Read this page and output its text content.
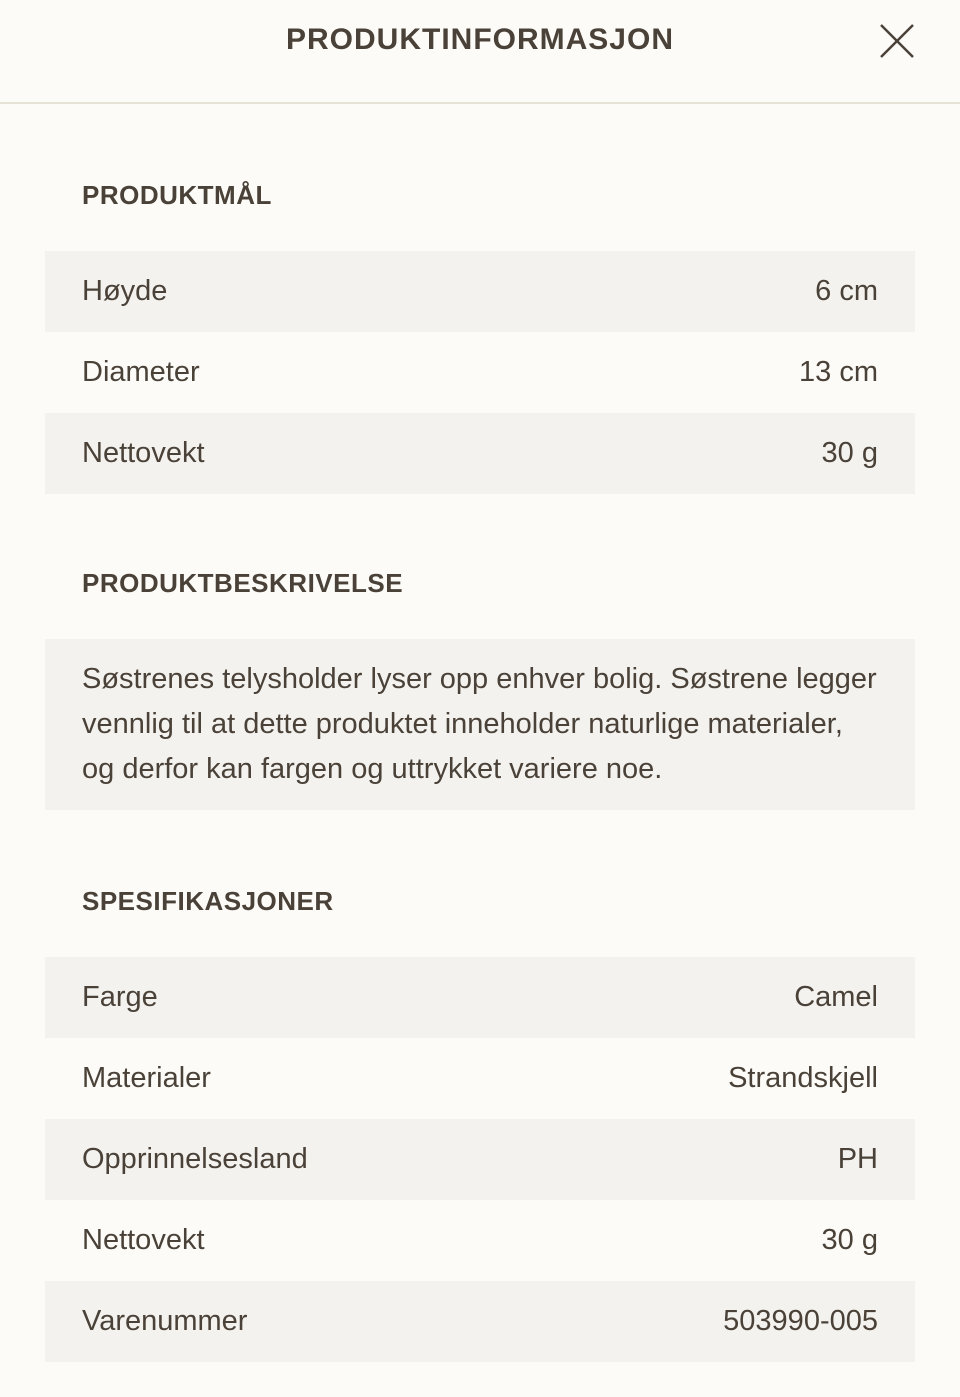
PRODUKTINFORMASJON
PRODUKTMÅL
Høyde	6 cm
Diameter	13 cm
Nettovekt	30 g
PRODUKTBESKRIVELSE
Søstrenes telysholder lyser opp enhver bolig. Søstrene legger vennlig til at dette produktet inneholder naturlige materialer, og derfor kan fargen og uttrykket variere noe.
SPESIFIKASJONER
Farge	Camel
Materialer	Strandskjell
Opprinnelsesland	PH
Nettovekt	30 g
Varenummer	503990-005
